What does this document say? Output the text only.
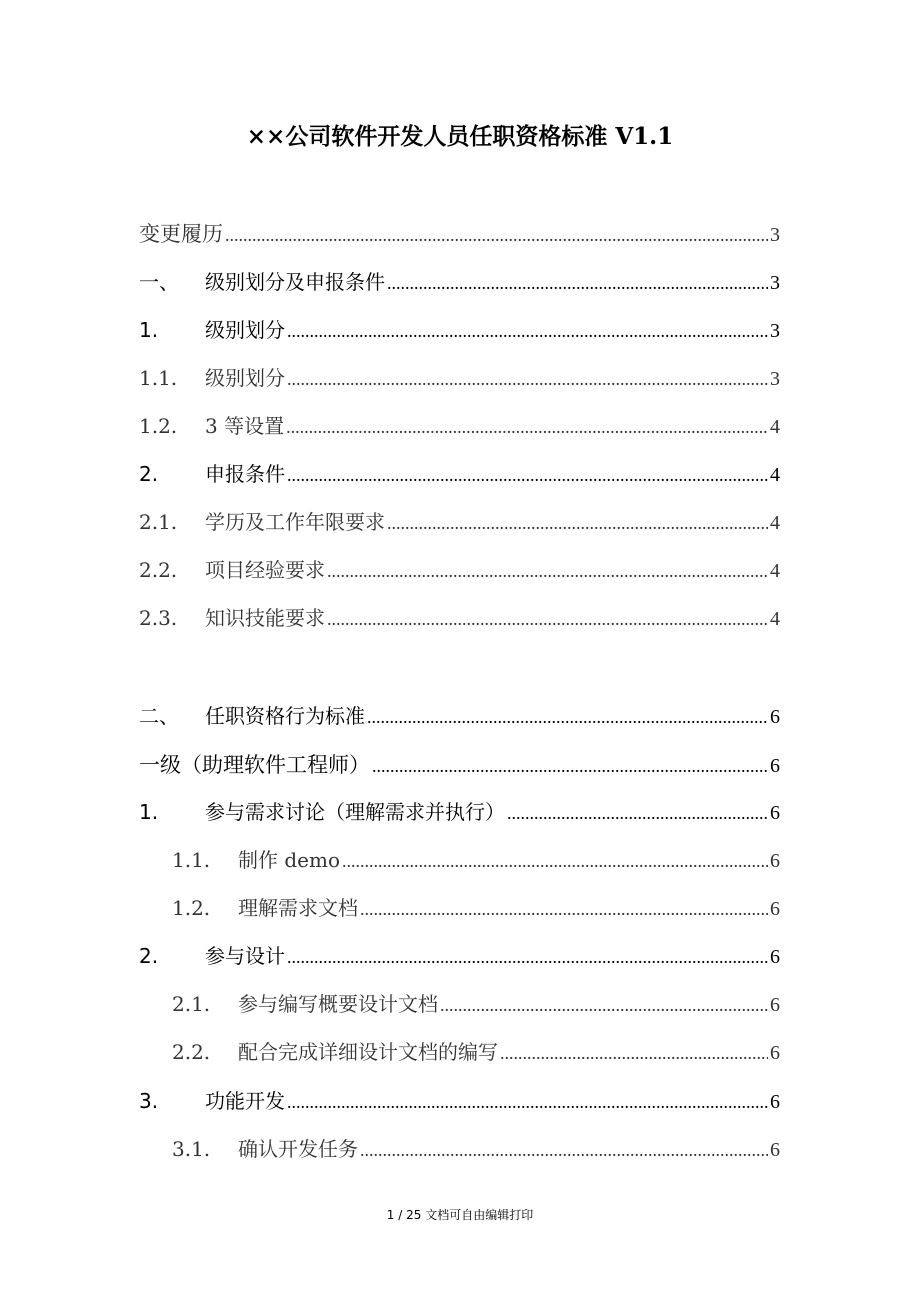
××公司软件开发人员任职资格标准 V1.1
变更履历 .....	3
一、	级别划分及申报条件 .....	3
1.	级别划分 .....	3
1.1.	级别划分 .....	3
1.2.	3 等设置 .....	4
2.	申报条件 .....	4
2.1.	学历及工作年限要求 .....	4
2.2.	项目经验要求 .....	4
2.3.	知识技能要求 .....	4
二、	任职资格行为标准 .....	6
一级（助理软件工程师） .....	6
1.	参与需求讨论（理解需求并执行） .....	6
1.1.	制作 demo .....	6
1.2.	理解需求文档 .....	6
2.	参与设计 .....	6
2.1.	参与编写概要设计文档 .....	6
2.2.	配合完成详细设计文档的编写 .....	6
3.	功能开发 .....	6
3.1.	确认开发任务 .....	6
1 / 25 文档可自由编辑打印
